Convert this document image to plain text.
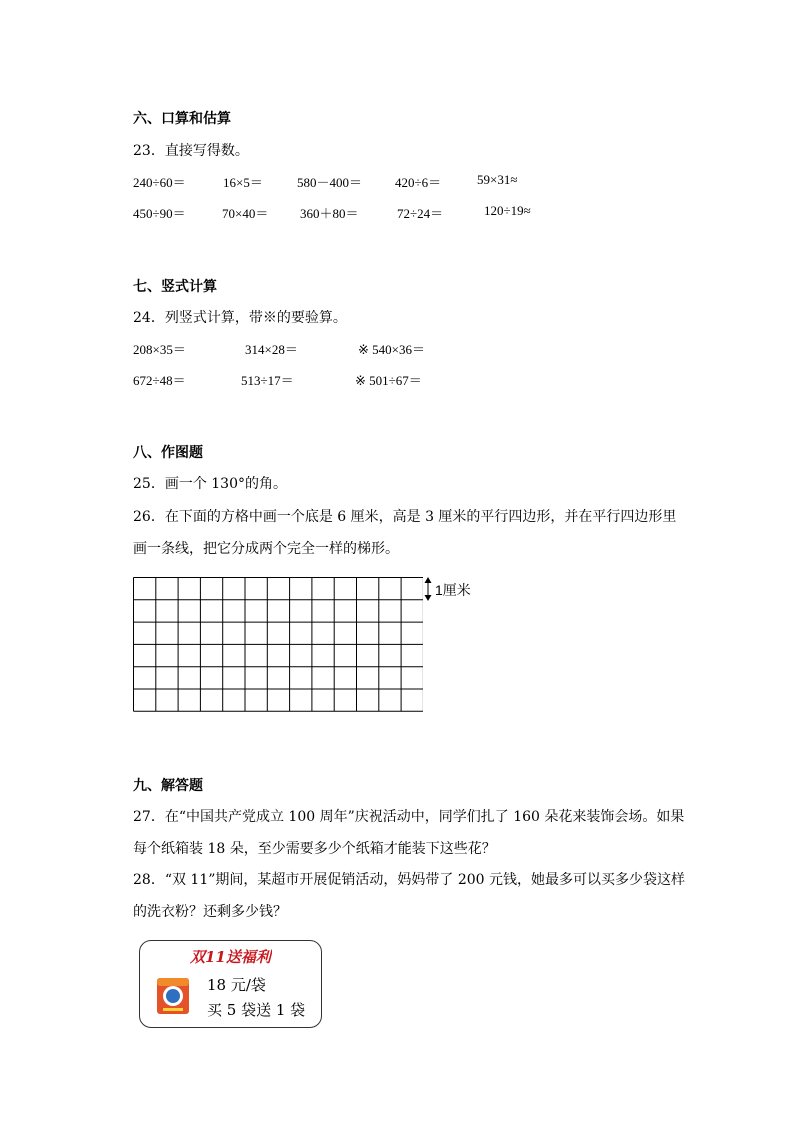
六、口算和估算
23．直接写得数。
240÷60＝	16×5＝	580－400＝	420÷6＝	59×31≈
450÷90＝	70×40＝ 360＋80＝	72÷24＝	120÷19≈
七、竖式计算
24．列竖式计算，带※的要验算。
208×35＝	314×28＝	※ 540×36＝
672÷48＝	513÷17＝	※ 501÷67＝
八、作图题
25．画一个 130°的角。
26．在下面的方格中画一个底是 6 厘米，高是 3 厘米的平行四边形，并在平行四边形里
画一条线，把它分成两个完全一样的梯形。
1厘米
九、解答题
27．在“中国共产党成立 100 周年”庆祝活动中，同学们扎了 160 朵花来装饰会场。如果
每个纸箱装 18 朵，至少需要多少个纸箱才能装下这些花？
28．“双 11”期间，某超市开展促销活动，妈妈带了 200 元钱，她最多可以买多少袋这样
的洗衣粉？还剩多少钱？
双11送福利
18 元/袋
买 5 袋送 1 袋
